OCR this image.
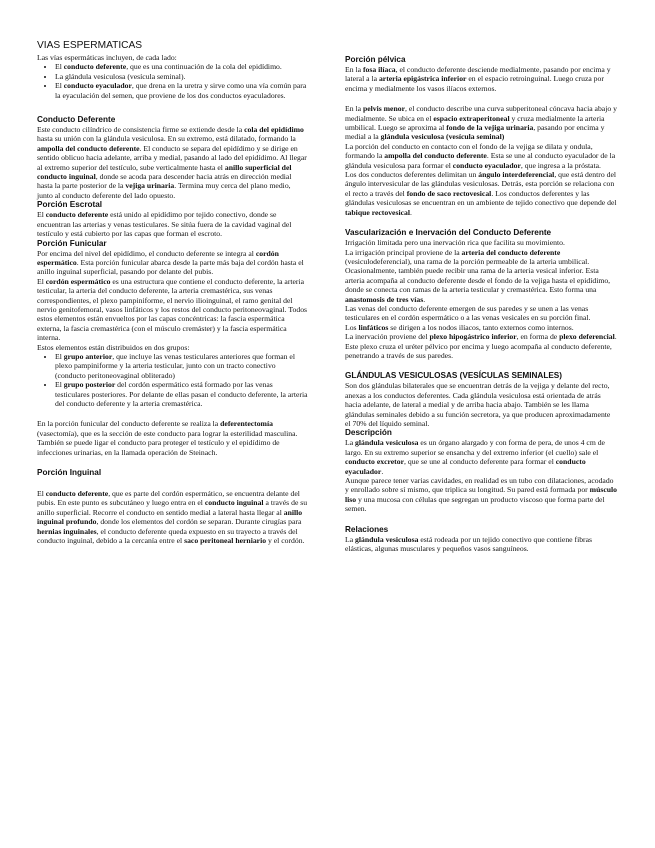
VIAS ESPERMATICAS

Las vías espermáticas incluyen, de cada lado:

• El conducto deferente, que es una continuación de la cola del epidídimo.
• La glándula vesiculosa (vesícula seminal).
• El conducto eyaculador, que drena en la uretra y sirve como una vía común para la eyaculación del semen, que proviene de los dos conductos eyaculadores.
Conducto Deferente

Este conducto cilíndrico de consistencia firme se extiende desde la cola del epidídimo hasta su unión con la glándula vesiculosa. En su extremo, está dilatado, formando la ampolla del conducto deferente. El conducto se separa del epidídimo y se dirige en sentido oblicuo hacia adelante, arriba y medial, pasando al lado del epidídimo. Al llegar al extremo superior del testículo, sube verticalmente hasta el anillo superficial del conducto inguinal, donde se acoda para descender hacia atrás en dirección medial hasta la parte posterior de la vejiga urinaria. Termina muy cerca del plano medio, junto al conducto deferente del lado opuesto.

Porción Escrotal

El conducto deferente está unido al epidídimo por tejido conectivo, donde se encuentran las arterias y venas testiculares. Se sitúa fuera de la cavidad vaginal del testículo y está cubierto por las capas que forman el escroto.

Porción Funicular

Por encima del nivel del epidídimo, el conducto deferente se integra al cordón espermático. Esta porción funicular abarca desde la parte más baja del cordón hasta el anillo inguinal superficial, pasando por delante del pubis.

El cordón espermático es una estructura que contiene el conducto deferente, la arteria testicular, la arteria del conducto deferente, la arteria cremastérica, sus venas correspondientes, el plexo pampiniforme, el nervio ilioinguinal, el ramo genital del nervio genitofemoral, vasos linfáticos y los restos del conducto peritoneovaginal. Todos estos elementos están envueltos por las capas concéntricas: la fascia espermática externa, la fascia cremastérica (con el músculo cremáster) y la fascia espermática interna.

Estos elementos están distribuidos en dos grupos:

• El grupo anterior, que incluye las venas testiculares anteriores que forman el plexo pampiniforme y la arteria testicular, junto con un tracto conectivo (conducto peritoneovaginal obliterado)
• El grupo posterior del cordón espermático está formado por las venas testiculares posteriores. Por delante de ellas pasan el conducto deferente, la arteria del conducto deferente y la arteria cremastérica.

En la porción funicular del conducto deferente se realiza la deferentectomía (vasectomía), que es la sección de este conducto para lograr la esterilidad masculina. También se puede ligar el conducto para proteger el testículo y el epidídimo de infecciones urinarias, en la llamada operación de Steinach.

Porción Inguinal

El conducto deferente, que es parte del cordón espermático, se encuentra delante del pubis. En este punto es subcutáneo y luego entra en el conducto inguinal a través de su anillo superficial. Recorre el conducto en sentido medial a lateral hasta llegar al anillo inguinal profundo, donde los elementos del cordón se separan. Durante cirugías para hernias inguinales, el conducto deferente queda expuesto en su trayecto a través del conducto inguinal, debido a la cercanía entre el saco peritoneal herniario y el cordón.

Porción pélvica

En la fosa ilíaca, el conducto deferente desciende medialmente, pasando por encima y lateral a la arteria epigástrica inferior en el espacio retroinguinal. Luego cruza por encima y medialmente los vasos ilíacos externos.

En la pelvis menor, el conducto describe una curva subperitoneal cóncava hacia abajo y medialmente. Se ubica en el espacio extraperitoneal y cruza medialmente la arteria umbilical. Luego se aproxima al fondo de la vejiga urinaria, pasando por encima y medial a la glándula vesiculosa (vesícula seminal)

La porción del conducto en contacto con el fondo de la vejiga se dilata y ondula, formando la ampolla del conducto deferente. Esta se une al conducto eyaculador de la glándula vesiculosa para formar el conducto eyaculador, que ingresa a la próstata.

Los dos conductos deferentes delimitan un ángulo interdeferencial, que está dentro del ángulo intervesicular de las glándulas vesiculosas. Detrás, esta porción se relaciona con el recto a través del fondo de saco rectovesical. Los conductos deferentes y las glándulas vesiculosas se encuentran en un ambiente de tejido conectivo que depende del tabique rectovesical.

Vascularización e Inervación del Conducto Deferente

Irrigación limitada pero una inervación rica que facilita su movimiento.

La irrigación principal proviene de la arteria del conducto deferente (vesiculodeferencial), una rama de la porción permeable de la arteria umbilical. Ocasionalmente, también puede recibir una rama de la arteria vesical inferior. Esta arteria acompaña al conducto deferente desde el fondo de la vejiga hasta el epidídimo, donde se conecta con ramas de la arteria testicular y cremastérica. Esto forma una anastomosis de tres vías.

Las venas del conducto deferente emergen de sus paredes y se unen a las venas testiculares en el cordón espermático o a las venas vesicales en su porción final.

Los linfáticos se dirigen a los nodos ilíacos, tanto externos como internos.

La inervación proviene del plexo hipogástrico inferior, en forma de plexo deferencial. Este plexo cruza el uréter pélvico por encima y luego acompaña al conducto deferente, penetrando a través de sus paredes.

GLÁNDULAS VESICULOSAS (VESÍCULAS SEMINALES)

Son dos glándulas bilaterales que se encuentran detrás de la vejiga y delante del recto, anexas a los conductos deferentes. Cada glándula vesiculosa está orientada de atrás hacia adelante, de lateral a medial y de arriba hacia abajo. También se les llama glándulas seminales debido a su función secretora, ya que producen aproximadamente el 70% del líquido seminal.

Descripción

La glándula vesiculosa es un órgano alargado y con forma de pera, de unos 4 cm de largo. En su extremo superior se ensancha y del extremo inferior (el cuello) sale el conducto excretor, que se une al conducto deferente para formar el conducto eyaculador.

Aunque parece tener varias cavidades, en realidad es un tubo con dilataciones, acodado y enrollado sobre sí mismo, que triplica su longitud. Su pared está formada por músculo liso y una mucosa con células que segregan un producto viscoso que forma parte del semen.

Relaciones

La glándula vesiculosa está rodeada por un tejido conectivo que contiene fibras elásticas, algunas musculares y pequeños vasos sanguíneos.
